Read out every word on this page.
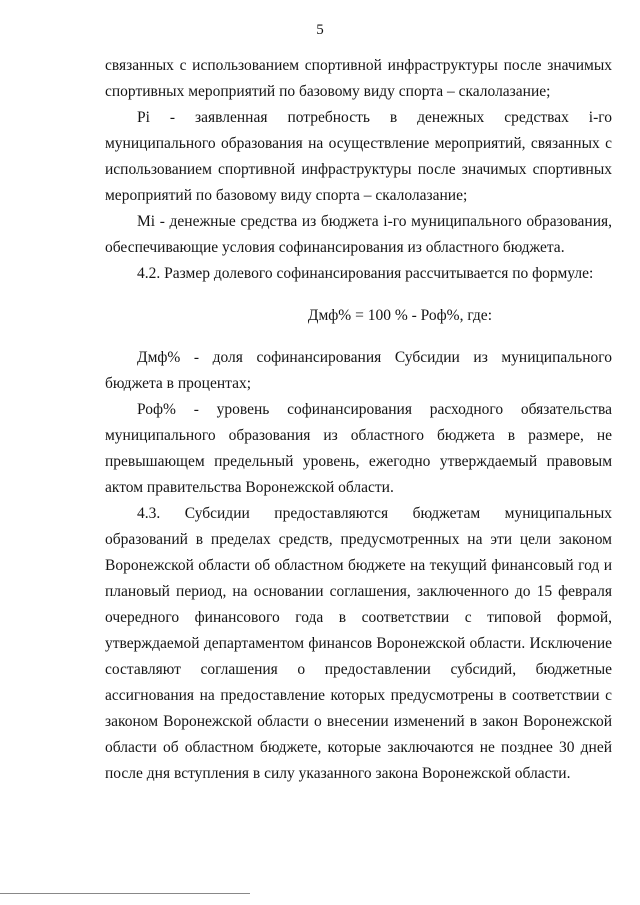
5

связанных с использованием спортивной инфраструктуры после значимых спортивных мероприятий по базовому виду спорта – скалолазание;

Pi - заявленная потребность в денежных средствах i-го муниципального образования на осуществление мероприятий, связанных с использованием спортивной инфраструктуры после значимых спортивных мероприятий по базовому виду спорта – скалолазание;

Mi - денежные средства из бюджета i-го муниципального образования, обеспечивающие условия софинансирования из областного бюджета.

4.2. Размер долевого софинансирования рассчитывается по формуле:

Дмф% = 100 % - Роф%, где:

Дмф% - доля софинансирования Субсидии из муниципального бюджета в процентах;

Роф% - уровень софинансирования расходного обязательства муниципального образования из областного бюджета в размере, не превышающем предельный уровень, ежегодно утверждаемый правовым актом правительства Воронежской области.

4.3. Субсидии предоставляются бюджетам муниципальных образований в пределах средств, предусмотренных на эти цели законом Воронежской области об областном бюджете на текущий финансовый год и плановый период, на основании соглашения, заключенного до 15 февраля очередного финансового года в соответствии с типовой формой, утверждаемой департаментом финансов Воронежской области. Исключение составляют соглашения о предоставлении субсидий, бюджетные ассигнования на предоставление которых предусмотрены в соответствии с законом Воронежской области о внесении изменений в закон Воронежской области об областном бюджете, которые заключаются не позднее 30 дней после дня вступления в силу указанного закона Воронежской области.
